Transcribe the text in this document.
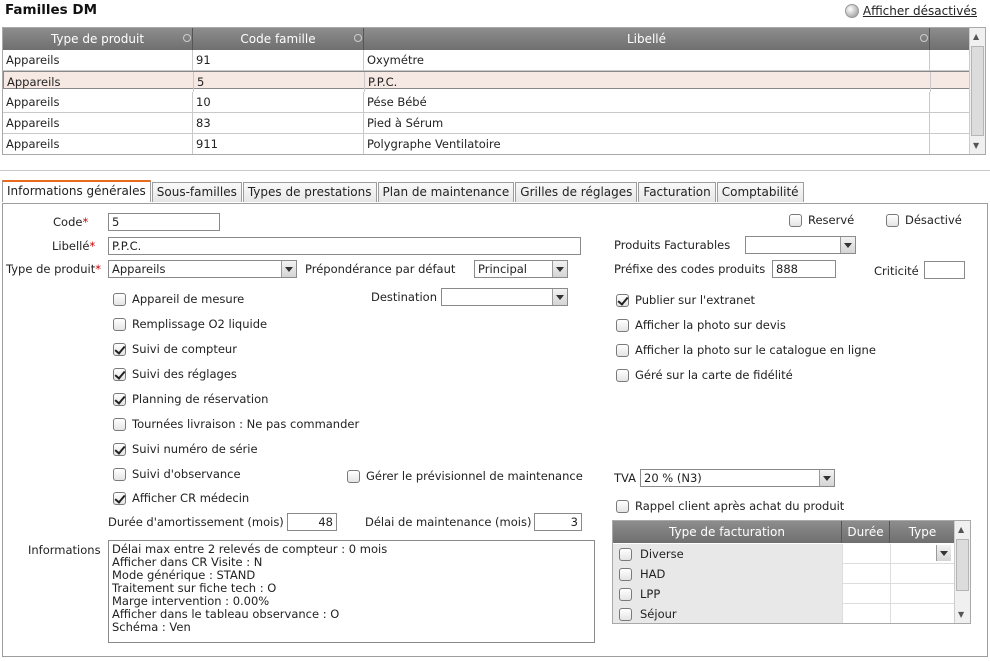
Familles DM	Afficher désactivés
Type de produit	Code famille	Libellé
Appareils	91	Oxymétre
Appareils	5	P.P.C.
Appareils	10	Pése Bébé
Appareils	83	Pied à Sérum
Appareils	911	Polygraphe Ventilatoire
▲
▼
Informations générales Sous-familles Types de prestations Plan de maintenance Grilles de réglages Facturation Comptabilité
Code*	5
Libellé*	P.P.C.
Type de produit* Appareils	Prépondérance par défaut	Principal
Destination
Appareil de mesure
Remplissage O2 liquide
Suivi de compteur
Suivi des réglages
Planning de réservation
Tournées livraison : Ne pas commander
Suivi numéro de série
Suivi d'observance
Afficher CR médecin
Gérer le prévisionnel de maintenance
Durée d'amortissement (mois)	48	Délai de maintenance (mois)	3
Informations Délai max entre 2 relevés de compteur : 0 mois
Afficher dans CR Visite : N
Mode générique : STAND
Traitement sur fiche tech : O
Marge intervention : 0.00%
Afficher dans le tableau observance : O
Schéma : Ven
Reservé	Désactivé
Produits Facturables
Préfixe des codes produits 888	Criticité
Publier sur l'extranet
Afficher la photo sur devis
Afficher la photo sur le catalogue en ligne
Géré sur la carte de fidélité
TVA 20 % (N3)
Rappel client après achat du produit
Type de facturation	Durée	Type
Diverse
HAD
LPP
Séjour
▲
▼
